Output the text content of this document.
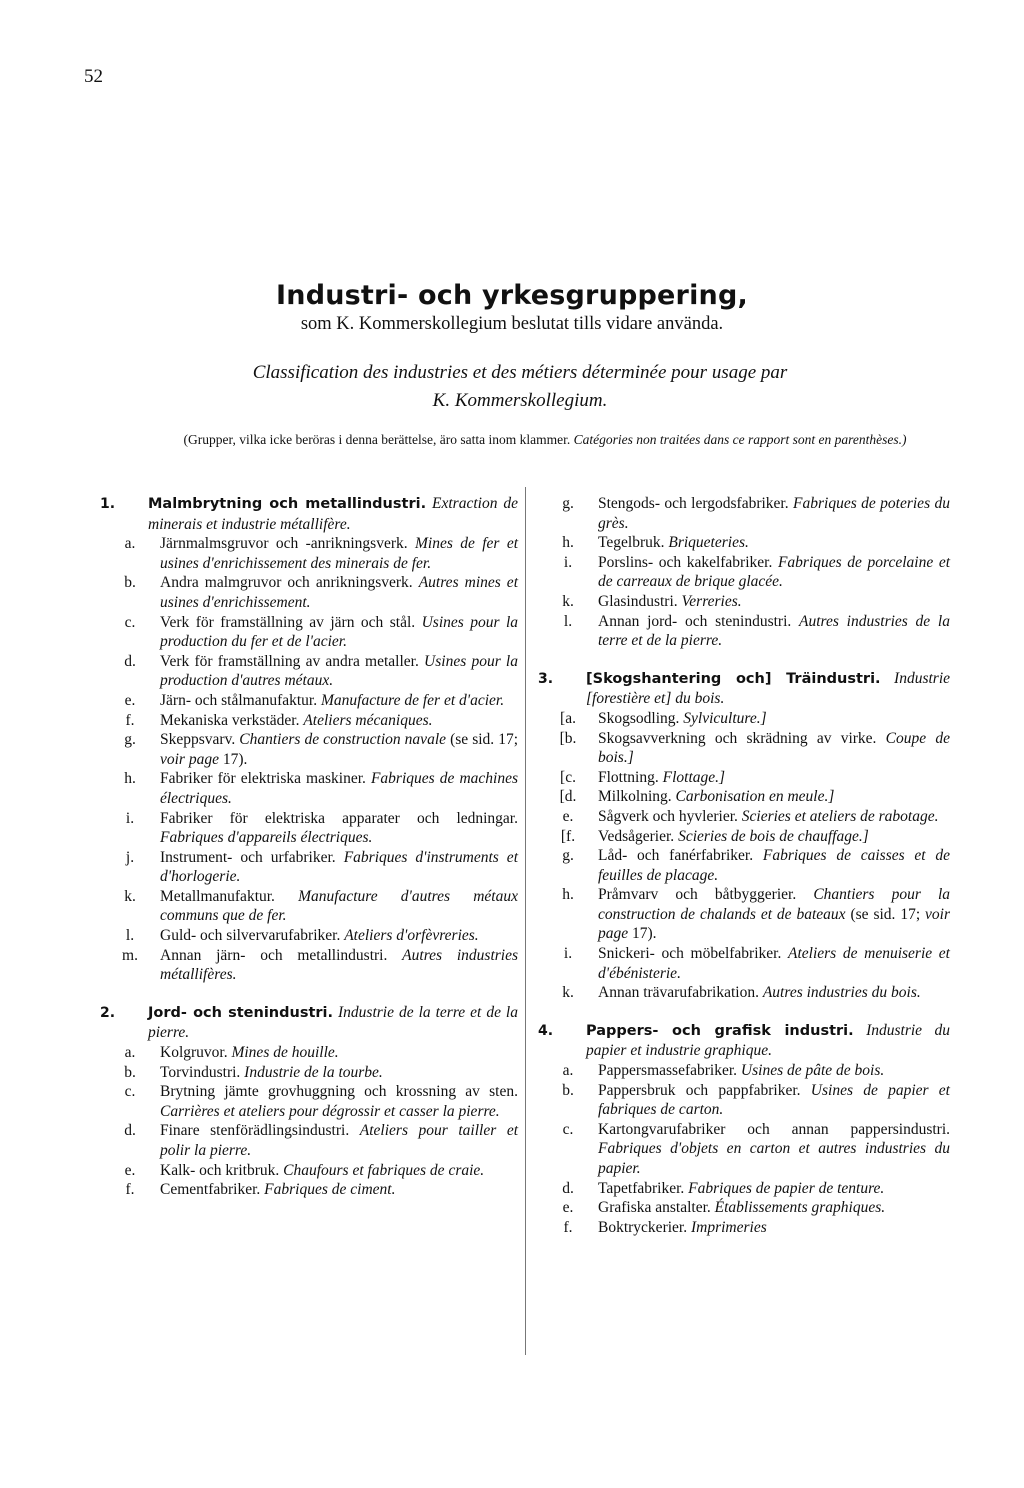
52
Industri- och yrkesgruppering,
som K. Kommerskollegium beslutat tills vidare använda.
Classification des industries et des métiers déterminée pour usage par
K. Kommerskollegium.
(Grupper, vilka icke beröras i denna berättelse, äro satta inom klammer. Catégories non traitées dans ce rapport sont en parenthèses.)
1. Malmbrytning och metallindustri. Extraction de minerais et industrie métallifère.
a. Järnmalmsgruvor och -anrikningsverk. Mines de fer et usines d'enrichissement des minerais de fer.
b. Andra malmgruvor och anrikningsverk. Autres mines et usines d'enrichissement.
c. Verk för framställning av järn och stål. Usines pour la production du fer et de l'acier.
d. Verk för framställning av andra metaller. Usines pour la production d'autres métaux.
e. Järn- och stålmanufaktur. Manufacture de fer et d'acier.
f. Mekaniska verkstäder. Ateliers mécaniques.
g. Skeppsvarv. Chantiers de construction navale (se sid. 17; voir page 17).
h. Fabriker för elektriska maskiner. Fabriques de machines électriques.
i. Fabriker för elektriska apparater och ledningar. Fabriques d'appareils électriques.
j. Instrument- och urfabriker. Fabriques d'instruments et d'horlogerie.
k. Metallmanufaktur. Manufacture d'autres métaux communs que de fer.
l. Guld- och silvervarufabriker. Ateliers d'orfèvreries.
m. Annan järn- och metallindustri. Autres industries métallifères.
2. Jord- och stenindustri. Industrie de la terre et de la pierre.
a. Kolgruvor. Mines de houille.
b. Torvindustri. Industrie de la tourbe.
c. Brytning jämte grovhuggning och krossning av sten. Carrières et ateliers pour dégrossir et casser la pierre.
d. Finare stenförädlingsindustri. Ateliers pour tailler et polir la pierre.
e. Kalk- och kritbruk. Chaufours et fabriques de craie.
f. Cementfabriker. Fabriques de ciment.
g. Stengods- och lergodsfabriker. Fabriques de poteries du grès.
h. Tegelbruk. Briqueteries.
i. Porslins- och kakelfabriker. Fabriques de porcelaine et de carreaux de brique glacée.
k. Glasindustri. Verreries.
l. Annan jord- och stenindustri. Autres industries de la terre et de la pierre.
3. [Skogshantering och] Träindustri. Industrie [forestière et] du bois.
[a. Skogsodling. Sylviculture.]
[b. Skogsavverkning och skrädning av virke. Coupe de bois.]
[c. Flottning. Flottage.]
[d. Milkolning. Carbonisation en meule.]
e. Sågverk och hyvlerier. Scieries et ateliers de rabotage.
[f. Vedsågerier. Scieries de bois de chauffage.]
g. Låd- och fanérfabriker. Fabriques de caisses et de feuilles de placage.
h. Pråmvarv och båtbyggerier. Chantiers pour la construction de chalands et de bateaux (se sid. 17; voir page 17).
i. Snickeri- och möbelfabriker. Ateliers de menuiserie et d'ébénisterie.
k. Annan trävarufabrikation. Autres industries du bois.
4. Pappers- och grafisk industri. Industrie du papier et industrie graphique.
a. Pappersmassefabriker. Usines de pâte de bois.
b. Pappersbruk och pappfabriker. Usines de papier et fabriques de carton.
c. Kartongvarufabriker och annan pappersindustri. Fabriques d'objets en carton et autres industries du papier.
d. Tapetfabriker. Fabriques de papier de tenture.
e. Grafiska anstalter. Établissements graphiques.
f. Boktryckerier. Imprimeries
